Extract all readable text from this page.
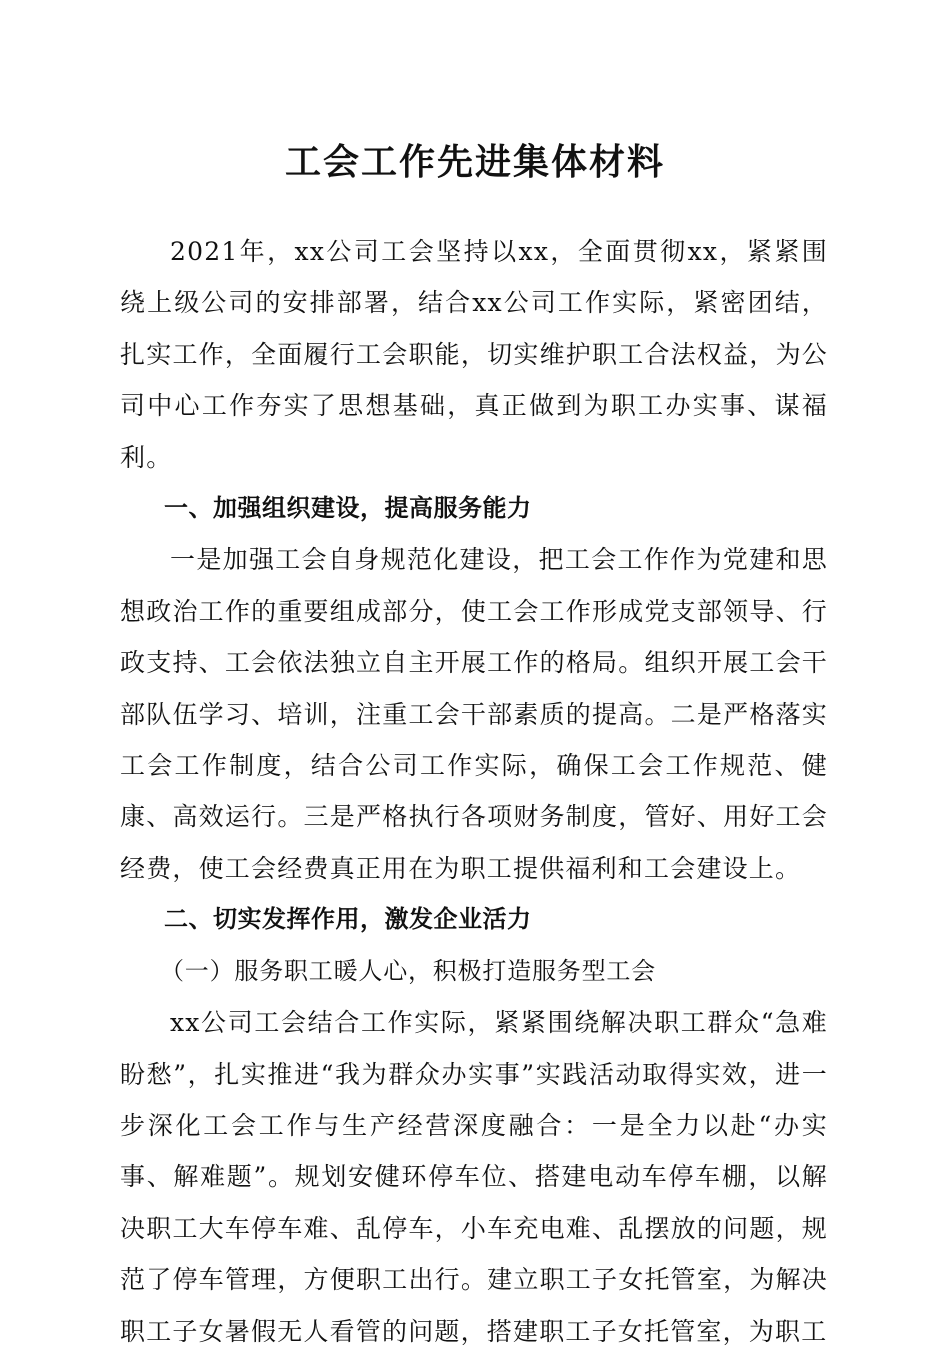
工会工作先进集体材料

2021年，xx公司工会坚持以xx，全面贯彻xx，紧紧围绕上级公司的安排部署，结合xx公司工作实际，紧密团结，扎实工作，全面履行工会职能，切实维护职工合法权益，为公司中心工作夯实了思想基础，真正做到为职工办实事、谋福利。

一、加强组织建设，提高服务能力

一是加强工会自身规范化建设，把工会工作作为党建和思想政治工作的重要组成部分，使工会工作形成党支部领导、行政支持、工会依法独立自主开展工作的格局。组织开展工会干部队伍学习、培训，注重工会干部素质的提高。二是严格落实工会工作制度，结合公司工作实际，确保工会工作规范、健康、高效运行。三是严格执行各项财务制度，管好、用好工会经费，使工会经费真正用在为职工提供福利和工会建设上。

二、切实发挥作用，激发企业活力

（一）服务职工暖人心，积极打造服务型工会

xx公司工会结合工作实际，紧紧围绕解决职工群众“急难盼愁”，扎实推进“我为群众办实事”实践活动取得实效，进一步深化工会工作与生产经营深度融合：一是全力以赴“办实事、解难题”。规划安健环停车位、搭建电动车停车棚，以解决职工大车停车难、乱停车，小车充电难、乱摆放的问题，规范了停车管理，方便职工出行。建立职工子女托管室，为解决职工子女暑假无人看管的问题，搭建职工子女托管室，为职工
